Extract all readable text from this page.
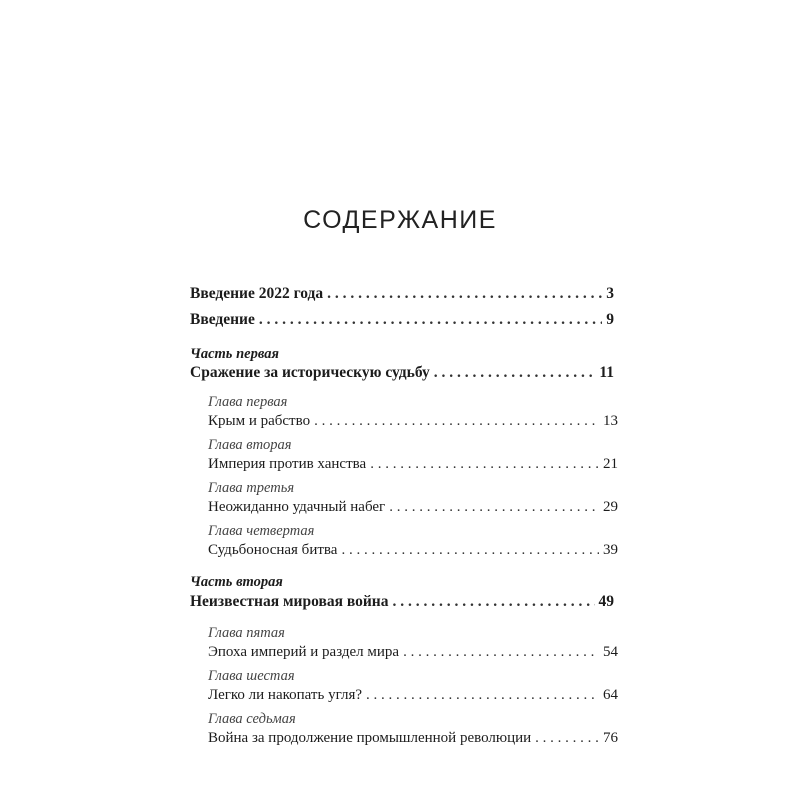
СОДЕРЖАНИЕ
Введение 2022 года . . .	3
Введение . . .	9
Часть первая
Сражение за историческую судьбу . . .	11
Глава первая
Крым и рабство . . .	13
Глава вторая
Империя против ханства . . .	21
Глава третья
Неожиданно удачный набег . . .	29
Глава четвертая
Судьбоносная битва . . .	39
Часть вторая
Неизвестная мировая война . . .	49
Глава пятая
Эпоха империй и раздел мира . . .	54
Глава шестая
Легко ли накопать угля? . . .	64
Глава седьмая
Война за продолжение промышленной революции . . .	76
